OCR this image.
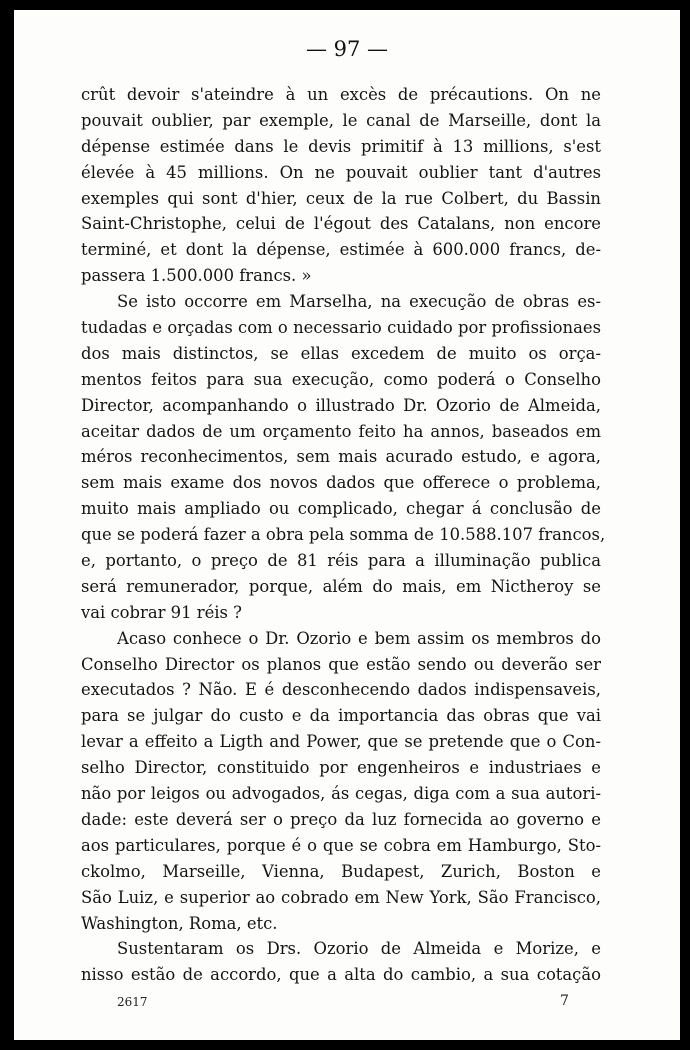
— 97 —
crût devoir s'ateindre à un excès de précautions. On ne
pouvait oublier, par exemple, le canal de Marseille, dont la
dépense estimée dans le devis primitif à 13 millions, s'est
élevée à 45 millions. On ne pouvait oublier tant d'autres
exemples qui sont d'hier, ceux de la rue Colbert, du Bassin
Saint-Christophe, celui de l'égout des Catalans, non encore
terminé, et dont la dépense, estimée à 600.000 francs, de-
passera 1.500.000 francs. »
Se isto occorre em Marselha, na execução de obras es-
tudadas e orçadas com o necessario cuidado por profissionaes
dos mais distinctos, se ellas excedem de muito os orça-
mentos feitos para sua execução, como poderá o Conselho
Director, acompanhando o illustrado Dr. Ozorio de Almeida,
aceitar dados de um orçamento feito ha annos, baseados em
méros reconhecimentos, sem mais acurado estudo, e agora,
sem mais exame dos novos dados que offerece o problema,
muito mais ampliado ou complicado, chegar á conclusão de
que se poderá fazer a obra pela somma de 10.588.107 francos,
e, portanto, o preço de 81 réis para a illuminação publica
será remunerador, porque, além do mais, em Nictheroy se
vai cobrar 91 réis ?
Acaso conhece o Dr. Ozorio e bem assim os membros do
Conselho Director os planos que estão sendo ou deverão ser
executados ? Não. E é desconhecendo dados indispensaveis,
para se julgar do custo e da importancia das obras que vai
levar a effeito a Ligth and Power, que se pretende que o Con-
selho Director, constituido por engenheiros e industriaes e
não por leigos ou advogados, ás cegas, diga com a sua autori-
dade: este deverá ser o preço da luz fornecida ao governo e
aos particulares, porque é o que se cobra em Hamburgo, Sto-
ckolmo, Marseille, Vienna, Budapest, Zurich, Boston e
São Luiz, e superior ao cobrado em New York, São Francisco,
Washington, Roma, etc.
Sustentaram os Drs. Ozorio de Almeida e Morize, e
nisso estão de accordo, que a alta do cambio, a sua cotação
2617	7
